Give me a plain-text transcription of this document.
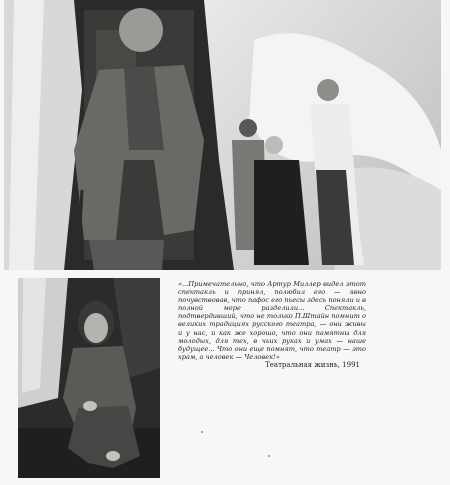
«...Примечательно, что Артур Миллер видел этот спектакль и принял, полюбил его — явно почувствовав, что пафос его пьесы здесь поняли и в полной мере разделили... Спектакль, подтвердивший, что не только П.Штайн помнит о великих традициях русского театра, — они живы и у нас, и как же хорошо, что они памятны для молодых, для тех, в чьих руках и умах — наше будущее... Что они еще помнят, что театр — это храм, а человек — Человек!»

Театральная жизнь, 1991
